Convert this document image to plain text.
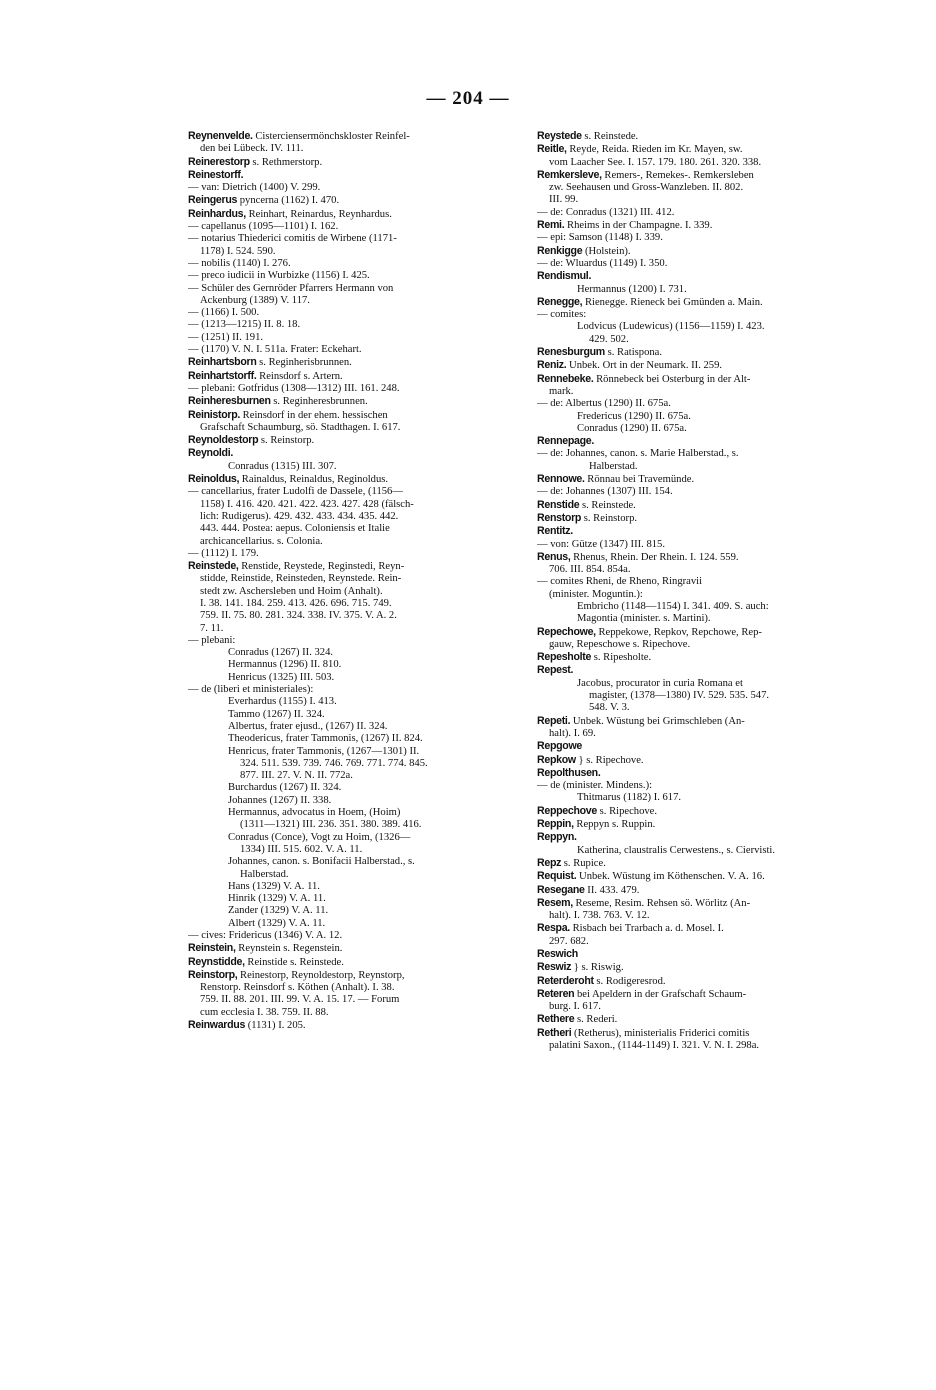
— 204 —
Reynenvelde. Cisterciensermönchskloster Reinfel-
den bei Lübeck. IV. 111.
Reinerestorp s. Rethmerstorp.
Reinestorff.
— van: Dietrich (1400) V. 299.
Reingerus pyncerna (1162) I. 470.
Reinhardus, Reinhart, Reinardus, Reynhardus.
— capellanus (1095—1101) I. 162.
— notarius Thiederici comitis de Wirbene (1171-
1178) I. 524. 590.
— nobilis (1140) I. 276.
— preco iudicii in Wurbizke (1156) I. 425.
— Schüler des Gernröder Pfarrers Hermann von
Ackenburg (1389) V. 117.
— (1166) I. 500.
— (1213—1215) II. 8. 18.
— (1251) II. 191.
— (1170) V. N. I. 511a. Frater: Eckehart.
Reinhartsborn s. Reginherisbrunnen.
Reinhartstorff. Reinsdorf s. Artern.
— plebani: Gotfridus (1308—1312) III. 161. 248.
Reinheresburnen s. Reginheresbrunnen.
Reinistorp. Reinsdorf in der ehem. hessischen
Grafschaft Schaumburg, sö. Stadthagen. I. 617.
Reynoldestorp s. Reinstorp.
Reynoldi.
Conradus (1315) III. 307.
Reinoldus, Rainaldus, Reinaldus, Reginoldus.
— cancellarius, frater Ludolfi de Dassele, (1156—
1158) I. 416. 420. 421. 422. 423. 427. 428 (fälsch-
lich: Rudigerus). 429. 432. 433. 434. 435. 442.
443. 444. Postea: aepus. Coloniensis et Italie
archicancellarius. s. Colonia.
— (1112) I. 179.
Reinstede, Renstide, Reystede, Reginstedi, Reyn-
stidde, Reinstide, Reinsteden, Reynstede. Rein-
stedt zw. Aschersleben und Hoim (Anhalt).
I. 38. 141. 184. 259. 413. 426. 696. 715. 749.
759. II. 75. 80. 281. 324. 338. IV. 375. V. A. 2.
7. 11.
— plebani:
Conradus (1267) II. 324.
Hermannus (1296) II. 810.
Henricus (1325) III. 503.
— de (liberi et ministeriales):
Everhardus (1155) I. 413.
Tammo (1267) II. 324.
Albertus, frater ejusd., (1267) II. 324.
Theodericus, frater Tammonis, (1267) II. 824.
Henricus, frater Tammonis, (1267—1301) II.
324. 511. 539. 739. 746. 769. 771. 774. 845.
877. III. 27. V. N. II. 772a.
Burchardus (1267) II. 324.
Johannes (1267) II. 338.
Hermannus, advocatus in Hoem, (Hoim)
(1311—1321) III. 236. 351. 380. 389. 416.
Conradus (Conce), Vogt zu Hoim, (1326—
1334) III. 515. 602. V. A. 11.
Johannes, canon. s. Bonifacii Halberstad., s.
Halberstad.
Hans (1329) V. A. 11.
Hinrik (1329) V. A. 11.
Zander (1329) V. A. 11.
Albert (1329) V. A. 11.
— cives: Fridericus (1346) V. A. 12.
Reinstein, Reynstein s. Regenstein.
Reynstidde, Reinstide s. Reinstede.
Reinstorp, Reinestorp, Reynoldestorp, Reynstorp,
Renstorp. Reinsdorf s. Köthen (Anhalt). I. 38.
759. II. 88. 201. III. 99. V. A. 15. 17. — Forum
cum ecclesia I. 38. 759. II. 88.
Reinwardus (1131) I. 205.
Reystede s. Reinstede.
Reitle, Reyde, Reida. Rieden im Kr. Mayen, sw.
vom Laacher See. I. 157. 179. 180. 261. 320. 338.
Remkersleve, Remers-, Remekes-. Remkersleben
zw. Seehausen und Gross-Wanzleben. II. 802.
III. 99.
— de: Conradus (1321) III. 412.
Remi. Rheims in der Champagne. I. 339.
— epi: Samson (1148) I. 339.
Renkigge (Holstein).
— de: Wluardus (1149) I. 350.
Rendismul.
Hermannus (1200) I. 731.
Renegge, Rienegge. Rieneck bei Gmünden a. Main.
— comites:
Lodvicus (Ludewicus) (1156—1159) I. 423.
429. 502.
Renesburgum s. Ratispona.
Reniz. Unbek. Ort in der Neumark. II. 259.
Rennebeke. Rönnebeck bei Osterburg in der Alt-
mark.
— de: Albertus (1290) II. 675a.
Fredericus (1290) II. 675a.
Conradus (1290) II. 675a.
Rennepage.
— de: Johannes, canon. s. Marie Halberstad., s.
Halberstad.
Rennowe. Rönnau bei Travemünde.
— de: Johannes (1307) III. 154.
Renstide s. Reinstede.
Renstorp s. Reinstorp.
Rentitz.
— von: Gütze (1347) III. 815.
Renus, Rhenus, Rhein. Der Rhein. I. 124. 559.
706. III. 854. 854a.
— comites Rheni, de Rheno, Ringravii
(minister. Moguntin.):
Embricho (1148—1154) I. 341. 409. S. auch:
Magontia (minister. s. Martini).
Repechowe, Reppekowe, Repkov, Repchowe, Rep-
gauw, Repeschowe s. Ripechove.
Repesholte s. Ripesholte.
Repest.
Jacobus, procurator in curia Romana et
magister, (1378—1380) IV. 529. 535. 547.
548. V. 3.
Repeti. Unbek. Wüstung bei Grimschleben (An-
halt). I. 69.
Repgowe
Repkow } s. Ripechove.
Repolthusen.
— de (minister. Mindens.):
Thitmarus (1182) I. 617.
Reppechove s. Ripechove.
Reppin, Reppyn s. Ruppin.
Reppyn.
Katherina, claustralis Cerwestens., s. Ciervisti.
Repz s. Rupice.
Requist. Unbek. Wüstung im Köthenschen. V. A. 16.
Resegane II. 433. 479.
Resem, Reseme, Resim. Rehsen sö. Wörlitz (An-
halt). I. 738. 763. V. 12.
Respa. Risbach bei Trarbach a. d. Mosel. I.
297. 682.
Reswich
Reswiz } s. Riswig.
Reterderoht s. Rodigeresrod.
Reteren bei Apeldern in der Grafschaft Schaum-
burg. I. 617.
Rethere s. Rederi.
Retheri (Retherus), ministerialis Friderici comitis
palatini Saxon., (1144-1149) I. 321. V. N. I. 298a.
